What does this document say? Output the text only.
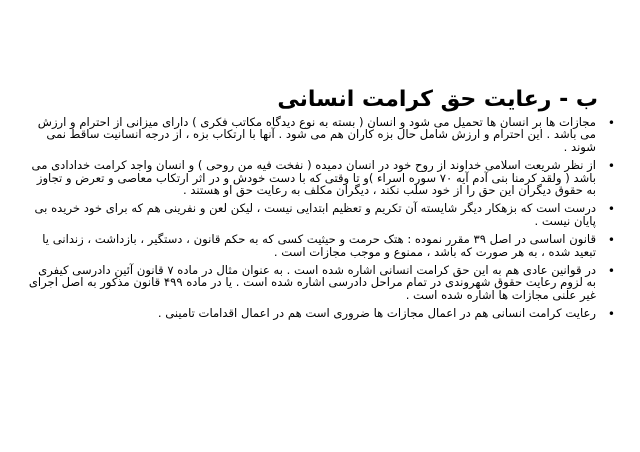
ب - رعایت حق کرامت انسانی
•
مجازات ها بر انسان ها تحمیل می شود و انسان ( بسته به نوع دیدگاه مکاتب فکری ) دارای میزانی از احترام و ارزش می باشد . این احترام و ارزش شامل حال بزه کاران هم می شود . آنها با ارتکاب بزه ، از درجه انسانیت ساقط نمی شوند .
•
از نظر شریعت اسلامی خداوند از روح خود در انسان دمیده ( نفخت فیه من روحی ) و انسان واجد کرامت خدادادی می باشد ( ولقد کرمنا بنی آدم آیه ۷۰ سوره اسراء )و تا وقتی که با دست خودش و در اثر ارتکاب معاصی و تعرض و تجاوز به حقوق دیگران این حق را از خود سلب نکند ، دیگران مکلف به رعایت حق او هستند .
•
درست است که بزهکار دیگر شایسته آن تکریم و تعظیم ابتدایی نیست ، لیکن لعن و نفرینی هم که برای خود خریده بی پایان نیست .
•
قانون اساسی در اصل ۳۹ مقرر نموده : هتک حرمت و حیثیت کسی که به حکم قانون ، دستگیر ، بازداشت ، زندانی یا تبعید شده ، به هر صورت که باشد ، ممنوع و موجب مجازات است .
•
در قوانین عادی هم به این حق کرامت انسانی اشاره شده است . به عنوان مثال در ماده ۷ قانون آئین دادرسی کیفری به لزوم رعایت حقوق شهروندی در تمام مراحل دادرسی اشاره شده است . یا در ماده ۴۹۹ قانون مذکور به اصل اجرای غیر علنی مجازات ها اشاره شده است .
•
رعایت کرامت انسانی هم در اعمال مجازات ها ضروری است هم در اعمال اقدامات تامینی .
